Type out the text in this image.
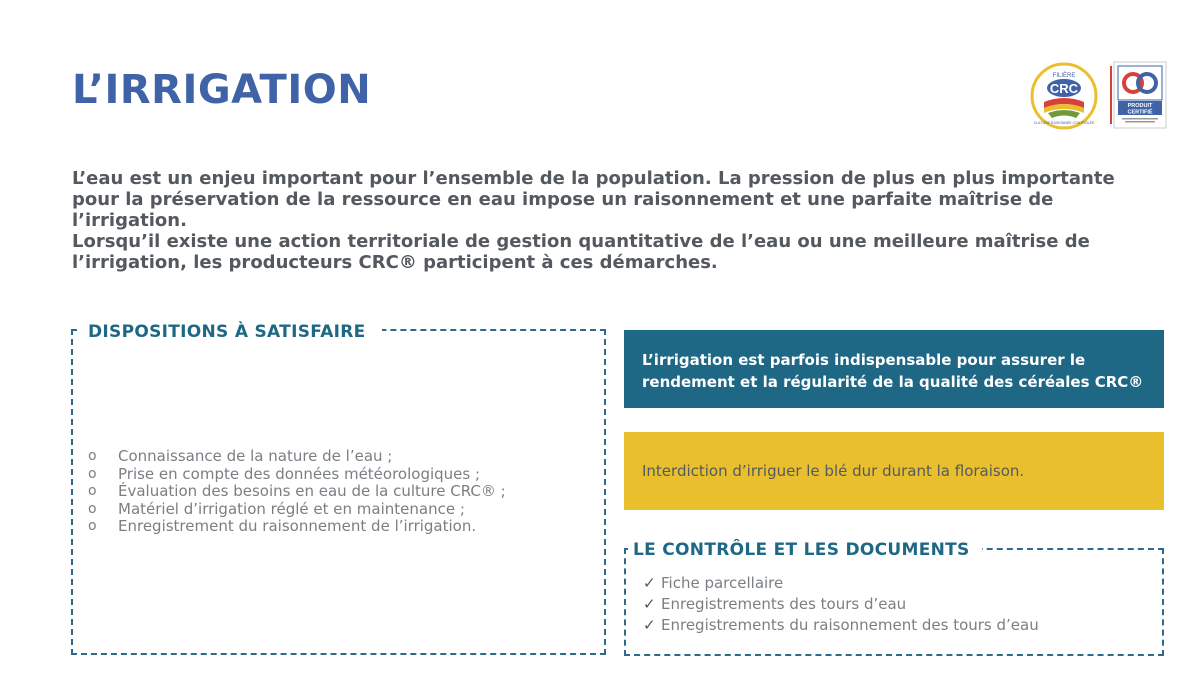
L’IRRIGATION	FILIÈRE
CRC
CULTURE RAISONNÉE CONTRÔLÉE
PRODUIT
CERTIFIÉ

L’eau est un enjeu important pour l’ensemble de la population. La pression de plus en plus importante pour la préservation de la ressource en eau impose un raisonnement et une parfaite maîtrise de l’irrigation.

Lorsqu’il existe une action territoriale de gestion quantitative de l’eau ou une meilleure maîtrise de l’irrigation, les producteurs CRC® participent à ces démarches.

DISPOSITIONS À SATISFAIRE
o	Connaissance de la nature de l’eau ;
o	Prise en compte des données météorologiques ;
o	Évaluation des besoins en eau de la culture CRC® ;
o	Matériel d’irrigation réglé et en maintenance ;
o	Enregistrement du raisonnement de l’irrigation.
L’irrigation est parfois indispensable pour assurer le rendement et la régularité de la qualité des céréales CRC®
Interdiction d’irriguer le blé dur durant la floraison.
LE CONTRÔLE ET LES DOCUMENTS
✓ Fiche parcellaire
✓ Enregistrements des tours d’eau
✓ Enregistrements du raisonnement des tours d’eau
